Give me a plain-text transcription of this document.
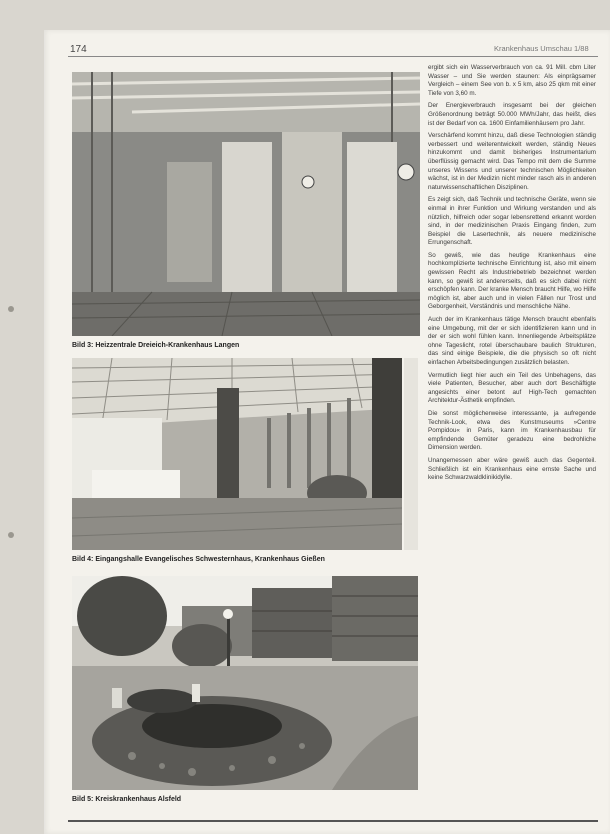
174	Krankenhaus Umschau 1/88
Bild 3: Heizzentrale Dreieich-Krankenhaus Langen
Bild 4: Eingangshalle Evangelisches Schwesternhaus, Krankenhaus Gießen
Bild 5: Kreiskrankenhaus Alsfeld

ergibt sich ein Wasserverbrauch von ca. 91 Mill. cbm Liter Wasser – und Sie werden staunen: Als einprägsamer Vergleich – einem See von b. x 5 km, also 25 qkm mit einer Tiefe von 3,60 m.

Der Energieverbrauch insgesamt bei der gleichen Größenordnung beträgt 50.000 MWh/Jahr, das heißt, dies ist der Bedarf von ca. 1600 Einfamilienhäusern pro Jahr.

Verschärfend kommt hinzu, daß diese Technologien ständig verbessert und weiterentwickelt werden, ständig Neues hinzukommt und damit bisheriges Instrumentarium überflüssig gemacht wird. Das Tempo mit dem die Summe unseres Wissens und unserer technischen Möglichkeiten wächst, ist in der Medizin nicht minder rasch als in anderen naturwissenschaftlichen Disziplinen.

Es zeigt sich, daß Technik und technische Geräte, wenn sie einmal in ihrer Funktion und Wirkung verstanden und als nützlich, hilfreich oder sogar lebensrettend erkannt worden sind, in der medizinischen Praxis Eingang finden, zum Beispiel die Lasertechnik, als neuere medizinische Errungenschaft.

So gewiß, wie das heutige Krankenhaus eine hochkomplizierte technische Einrichtung ist, also mit einem gewissen Recht als Industriebetrieb bezeichnet werden kann, so gewiß ist andererseits, daß es sich dabei nicht erschöpfen kann. Der kranke Mensch braucht Hilfe, wo Hilfe möglich ist, aber auch und in vielen Fällen nur Trost und Geborgenheit, Verständnis und menschliche Nähe.

Auch der im Krankenhaus tätige Mensch braucht ebenfalls eine Umgebung, mit der er sich identifizieren kann und in der er sich wohl fühlen kann. Innenliegende Arbeitsplätze ohne Tageslicht, rotel überschaubare baulich Strukturen, das sind einige Beispiele, die die physisch so oft nicht einfachen Arbeitsbedingungen zusätzlich belasten.

Vermutlich liegt hier auch ein Teil des Unbehagens, das viele Patienten, Besucher, aber auch dort Beschäftigte angesichts einer betont auf High-Tech gemachten Architektur-Ästhetik empfinden.

Die sonst möglicherweise interessante, ja aufregende Technik-Look, etwa des Kunstmuseums »Centre Pompidou« in Paris, kann im Krankenhausbau für empfindende Gemüter geradezu eine bedrohliche Dimension werden.

Unangemessen aber wäre gewiß auch das Gegenteil. Schließlich ist ein Krankenhaus eine ernste Sache und keine Schwarzwaldklinikidylle.
